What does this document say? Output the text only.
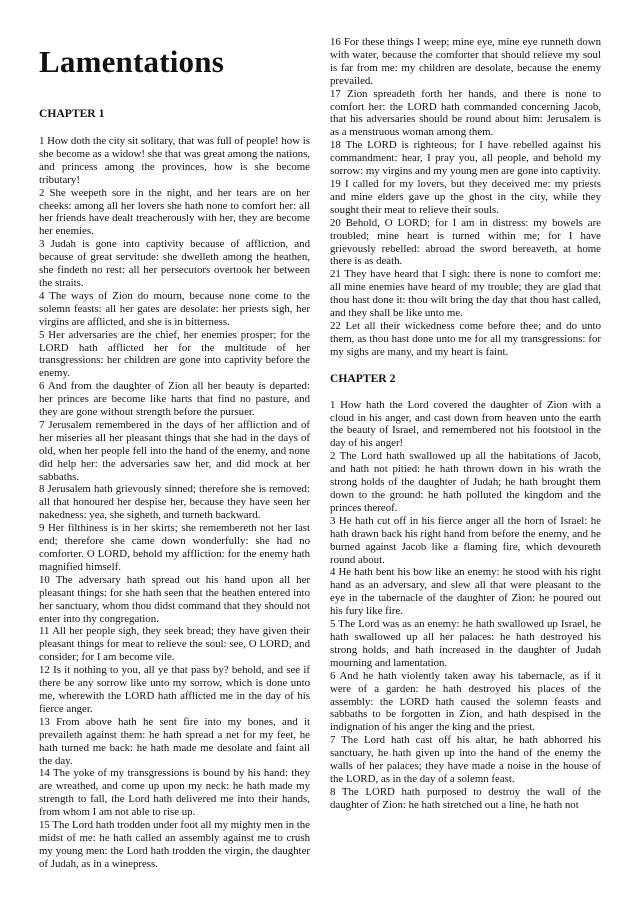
Lamentations
CHAPTER 1

1 How doth the city sit solitary, that was full of people! how is she become as a widow! she that was great among the nations, and princess among the provinces, how is she become tributary!

2 She weepeth sore in the night, and her tears are on her cheeks: among all her lovers she hath none to comfort her: all her friends have dealt treacherously with her, they are become her enemies.

3 Judah is gone into captivity because of affliction, and because of great servitude: she dwelleth among the heathen, she findeth no rest: all her persecutors overtook her between the straits.

4 The ways of Zion do mourn, because none come to the solemn feasts: all her gates are desolate: her priests sigh, her virgins are afflicted, and she is in bitterness.

5 Her adversaries are the chief, her enemies prosper; for the LORD hath afflicted her for the multitude of her transgressions: her children are gone into captivity before the enemy.

6 And from the daughter of Zion all her beauty is departed: her princes are become like harts that find no pasture, and they are gone without strength before the pursuer.

7 Jerusalem remembered in the days of her affliction and of her miseries all her pleasant things that she had in the days of old, when her people fell into the hand of the enemy, and none did help her: the adversaries saw her, and did mock at her sabbaths.

8 Jerusalem hath grievously sinned; therefore she is removed: all that honoured her despise her, because they have seen her nakedness: yea, she sigheth, and turneth backward.

9 Her filthiness is in her skirts; she remembereth not her last end; therefore she came down wonderfully: she had no comforter. O LORD, behold my affliction: for the enemy hath magnified himself.

10 The adversary hath spread out his hand upon all her pleasant things: for she hath seen that the heathen entered into her sanctuary, whom thou didst command that they should not enter into thy congregation.

11 All her people sigh, they seek bread; they have given their pleasant things for meat to relieve the soul: see, O LORD, and consider; for I am become vile.

12 Is it nothing to you, all ye that pass by? behold, and see if there be any sorrow like unto my sorrow, which is done unto me, wherewith the LORD hath afflicted me in the day of his fierce anger.

13 From above hath he sent fire into my bones, and it prevaileth against them: he hath spread a net for my feet, he hath turned me back: he hath made me desolate and faint all the day.

14 The yoke of my transgressions is bound by his hand: they are wreathed, and come up upon my neck: he hath made my strength to fall, the Lord hath delivered me into their hands, from whom I am not able to rise up.

15 The Lord hath trodden under foot all my mighty men in the midst of me: he hath called an assembly against me to crush my young men: the Lord hath trodden the virgin, the daughter of Judah, as in a winepress.

16 For these things I weep; mine eye, mine eye runneth down with water, because the comforter that should relieve my soul is far from me: my children are desolate, because the enemy prevailed.

17 Zion spreadeth forth her hands, and there is none to comfort her: the LORD hath commanded concerning Jacob, that his adversaries should be round about him: Jerusalem is as a menstruous woman among them.

18 The LORD is righteous; for I have rebelled against his commandment: hear, I pray you, all people, and behold my sorrow: my virgins and my young men are gone into captivity.

19 I called for my lovers, but they deceived me: my priests and mine elders gave up the ghost in the city, while they sought their meat to relieve their souls.

20 Behold, O LORD; for I am in distress: my bowels are troubled; mine heart is turned within me; for I have grievously rebelled: abroad the sword bereaveth, at home there is as death.

21 They have heard that I sigh: there is none to comfort me: all mine enemies have heard of my trouble; they are glad that thou hast done it: thou wilt bring the day that thou hast called, and they shall be like unto me.

22 Let all their wickedness come before thee; and do unto them, as thou hast done unto me for all my transgressions: for my sighs are many, and my heart is faint.

CHAPTER 2

1 How hath the Lord covered the daughter of Zion with a cloud in his anger, and cast down from heaven unto the earth the beauty of Israel, and remembered not his footstool in the day of his anger!

2 The Lord hath swallowed up all the habitations of Jacob, and hath not pitied: he hath thrown down in his wrath the strong holds of the daughter of Judah; he hath brought them down to the ground: he hath polluted the kingdom and the princes thereof.

3 He hath cut off in his fierce anger all the horn of Israel: he hath drawn back his right hand from before the enemy, and he burned against Jacob like a flaming fire, which devoureth round about.

4 He hath bent his bow like an enemy: he stood with his right hand as an adversary, and slew all that were pleasant to the eye in the tabernacle of the daughter of Zion: he poured out his fury like fire.

5 The Lord was as an enemy: he hath swallowed up Israel, he hath swallowed up all her palaces: he hath destroyed his strong holds, and hath increased in the daughter of Judah mourning and lamentation.

6 And he hath violently taken away his tabernacle, as if it were of a garden: he hath destroyed his places of the assembly: the LORD hath caused the solemn feasts and sabbaths to be forgotten in Zion, and hath despised in the indignation of his anger the king and the priest.

7 The Lord hath cast off his altar, he hath abhorred his sanctuary, he hath given up into the hand of the enemy the walls of her palaces; they have made a noise in the house of the LORD, as in the day of a solemn feast.

8 The LORD hath purposed to destroy the wall of the daughter of Zion: he hath stretched out a line, he hath not
